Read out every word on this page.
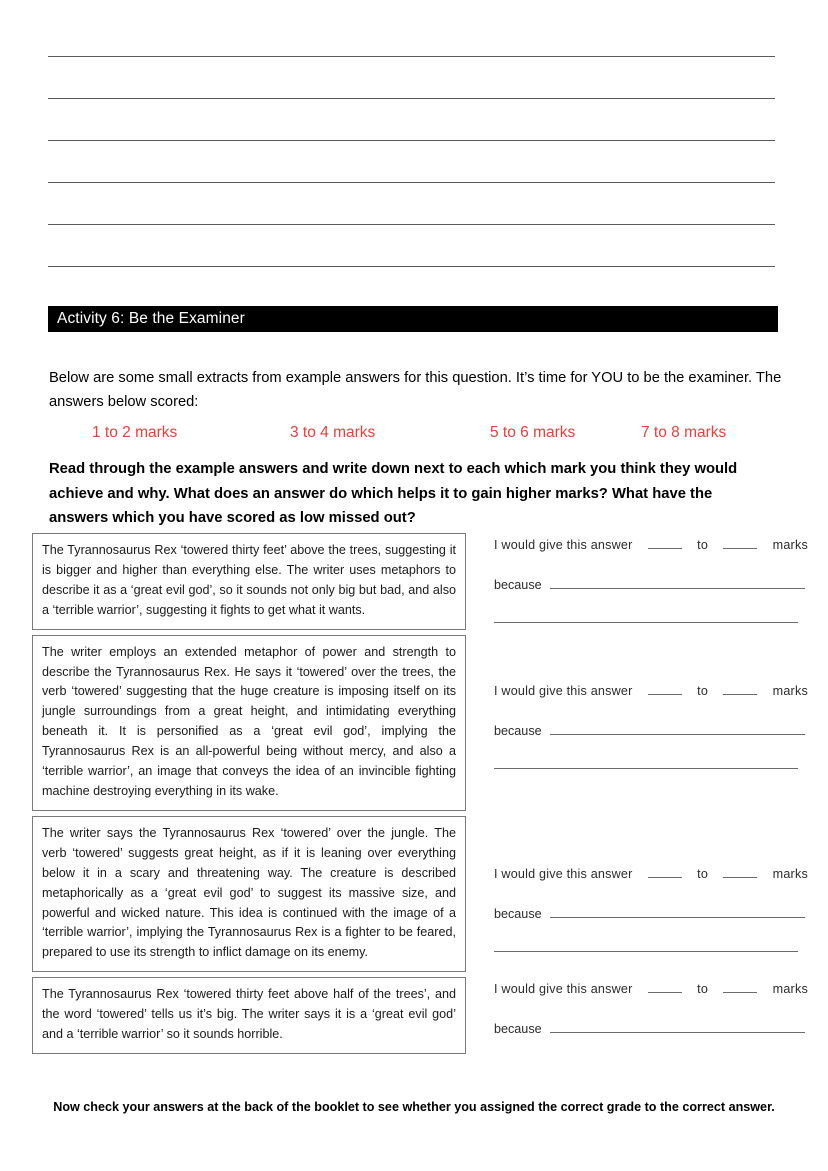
Activity 6: Be the Examiner
Below are some small extracts from example answers for this question. It’s time for YOU to be the examiner. The answers below scored:
1 to 2 marks	3 to 4 marks	5 to 6 marks	7 to 8 marks
Read through the example answers and write down next to each which mark you think they would achieve and why. What does an answer do which helps it to gain higher marks? What have the answers which you have scored as low missed out?
The Tyrannosaurus Rex ‘towered thirty feet’ above the trees, suggesting it is bigger and higher than everything else. The writer uses metaphors to describe it as a ‘great evil god’, so it sounds not only big but bad, and also a ‘terrible warrior’, suggesting it fights to get what it wants.
I would give this answer	to	marks
because
The writer employs an extended metaphor of power and strength to describe the Tyrannosaurus Rex. He says it ‘towered’ over the trees, the verb ‘towered’ suggesting that the huge creature is imposing itself on its jungle surroundings from a great height, and intimidating everything beneath it. It is personified as a ‘great evil god’, implying the Tyrannosaurus Rex is an all-powerful being without mercy, and also a ‘terrible warrior’, an image that conveys the idea of an invincible fighting machine destroying everything in its wake.
I would give this answer	to	marks
because
The writer says the Tyrannosaurus Rex ‘towered’ over the jungle. The verb ‘towered’ suggests great height, as if it is leaning over everything below it in a scary and threatening way. The creature is described metaphorically as a ‘great evil god’ to suggest its massive size, and powerful and wicked nature. This idea is continued with the image of a ‘terrible warrior’, implying the Tyrannosaurus Rex is a fighter to be feared, prepared to use its strength to inflict damage on its enemy.
I would give this answer	to	marks
because
The Tyrannosaurus Rex ‘towered thirty feet above half of the trees’, and the word ‘towered’ tells us it’s big. The writer says it is a ‘great evil god’ and a ‘terrible warrior’ so it sounds horrible.
I would give this answer	to	marks
because
Now check your answers at the back of the booklet to see whether you assigned the correct grade to the correct answer.
